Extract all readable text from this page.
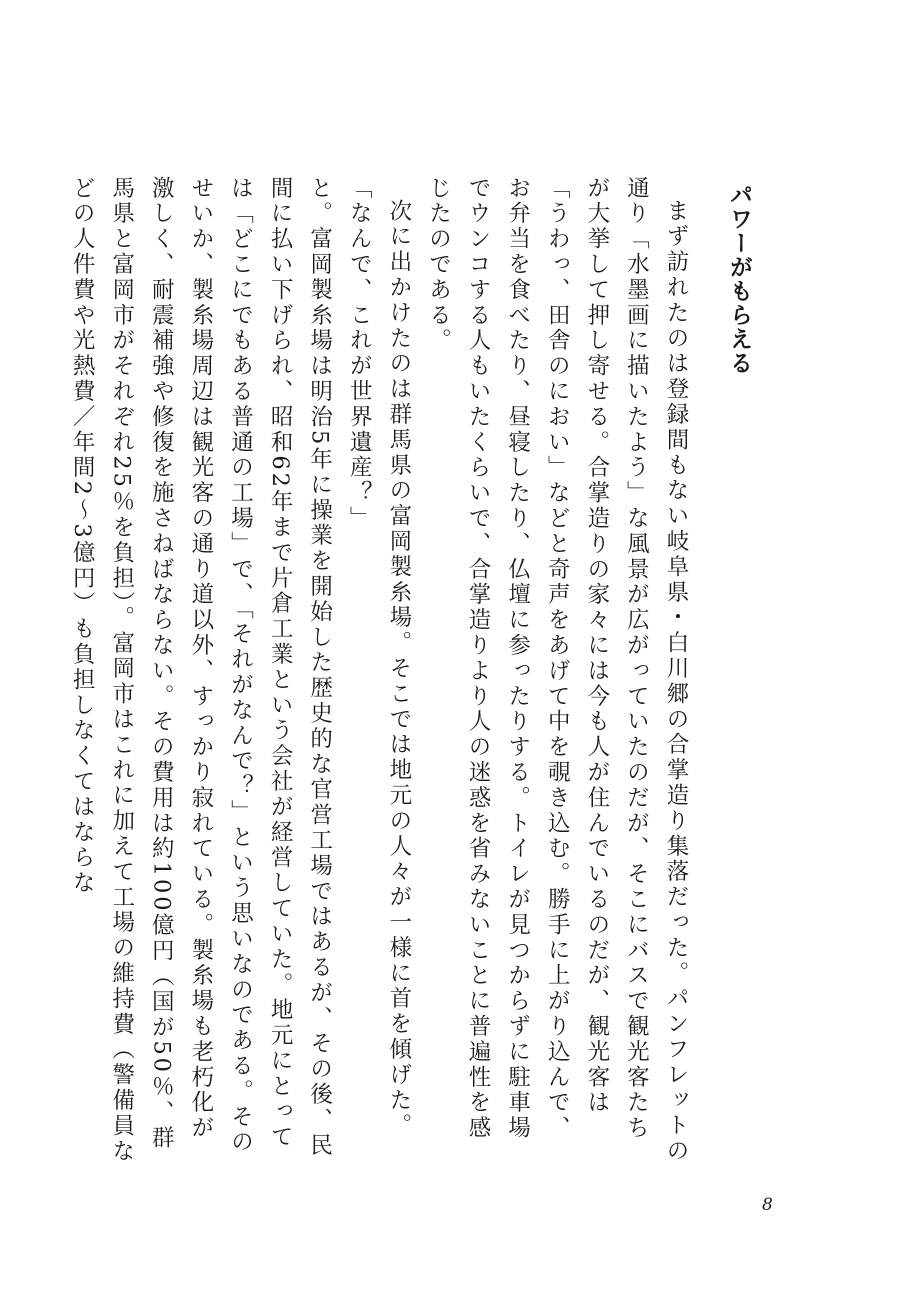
パワーがもらえる

まず訪れたのは登録間もない岐阜県・白川郷の合掌造り集落だった。パンフレットの通り「水墨画に描いたよう」な風景が広がっていたのだが、そこにバスで観光客たちが大挙して押し寄せる。合掌造りの家々には今も人が住んでいるのだが、観光客は「うわっ、田舎のにおい」などと奇声をあげて中を覗き込む。勝手に上がり込んで、お弁当を食べたり、昼寝したり、仏壇に参ったりする。トイレが見つからずに駐車場でウンコする人もいたくらいで、合掌造りより人の迷惑を省みないことに普遍性を感じたのである。

次に出かけたのは群馬県の富岡製糸場。そこでは地元の人々が一様に首を傾げた。

「なんで、これが世界遺産？」

と。富岡製糸場は明治5年に操業を開始した歴史的な官営工場ではあるが、その後、民間に払い下げられ、昭和62年まで片倉工業という会社が経営していた。地元にとっては「どこにでもある普通の工場」で、「それがなんで？」という思いなのである。そのせいか、製糸場周辺は観光客の通り道以外、すっかり寂れている。製糸場も老朽化が激しく、耐震補強や修復を施さねばならない。その費用は約100億円（国が50％、群馬県と富岡市がそれぞれ25％を負担）。富岡市はこれに加えて工場の維持費（警備員などの人件費や光熱費／年間2～3億円）も負担しなくてはならな

8
